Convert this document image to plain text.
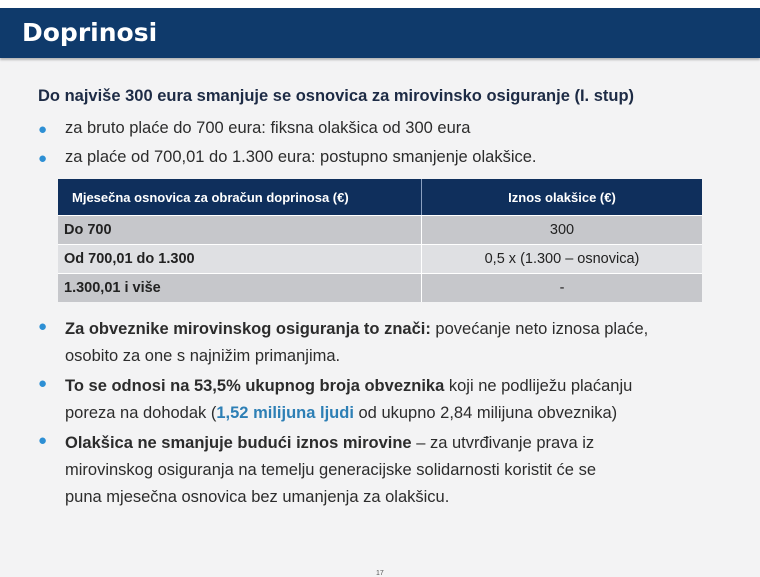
Doprinosi
Do najviše 300 eura smanjuje se osnovica za mirovinsko osiguranje (I. stup)
● za bruto plaće do 700 eura: fiksna olakšica od 300 eura
● za plaće od 700,01 do 1.300 eura: postupno smanjenje olakšice.
Mjesečna osnovica za obračun doprinosa (€)	Iznos olakšice (€)
Do 700	300
Od 700,01 do 1.300	0,5 x (1.300 – osnovica)
1.300,01 i više	-
● Za obveznike mirovinskog osiguranja to znači: povećanje neto iznosa plaće,
osobito za one s najnižim primanjima.
● To se odnosi na 53,5% ukupnog broja obveznika koji ne podliježu plaćanju
poreza na dohodak (1,52 milijuna ljudi od ukupno 2,84 milijuna obveznika)
● Olakšica ne smanjuje budući iznos mirovine – za utvrđivanje prava iz
mirovinskog osiguranja na temelju generacijske solidarnosti koristit će se
puna mjesečna osnovica bez umanjenja za olakšicu.
17
